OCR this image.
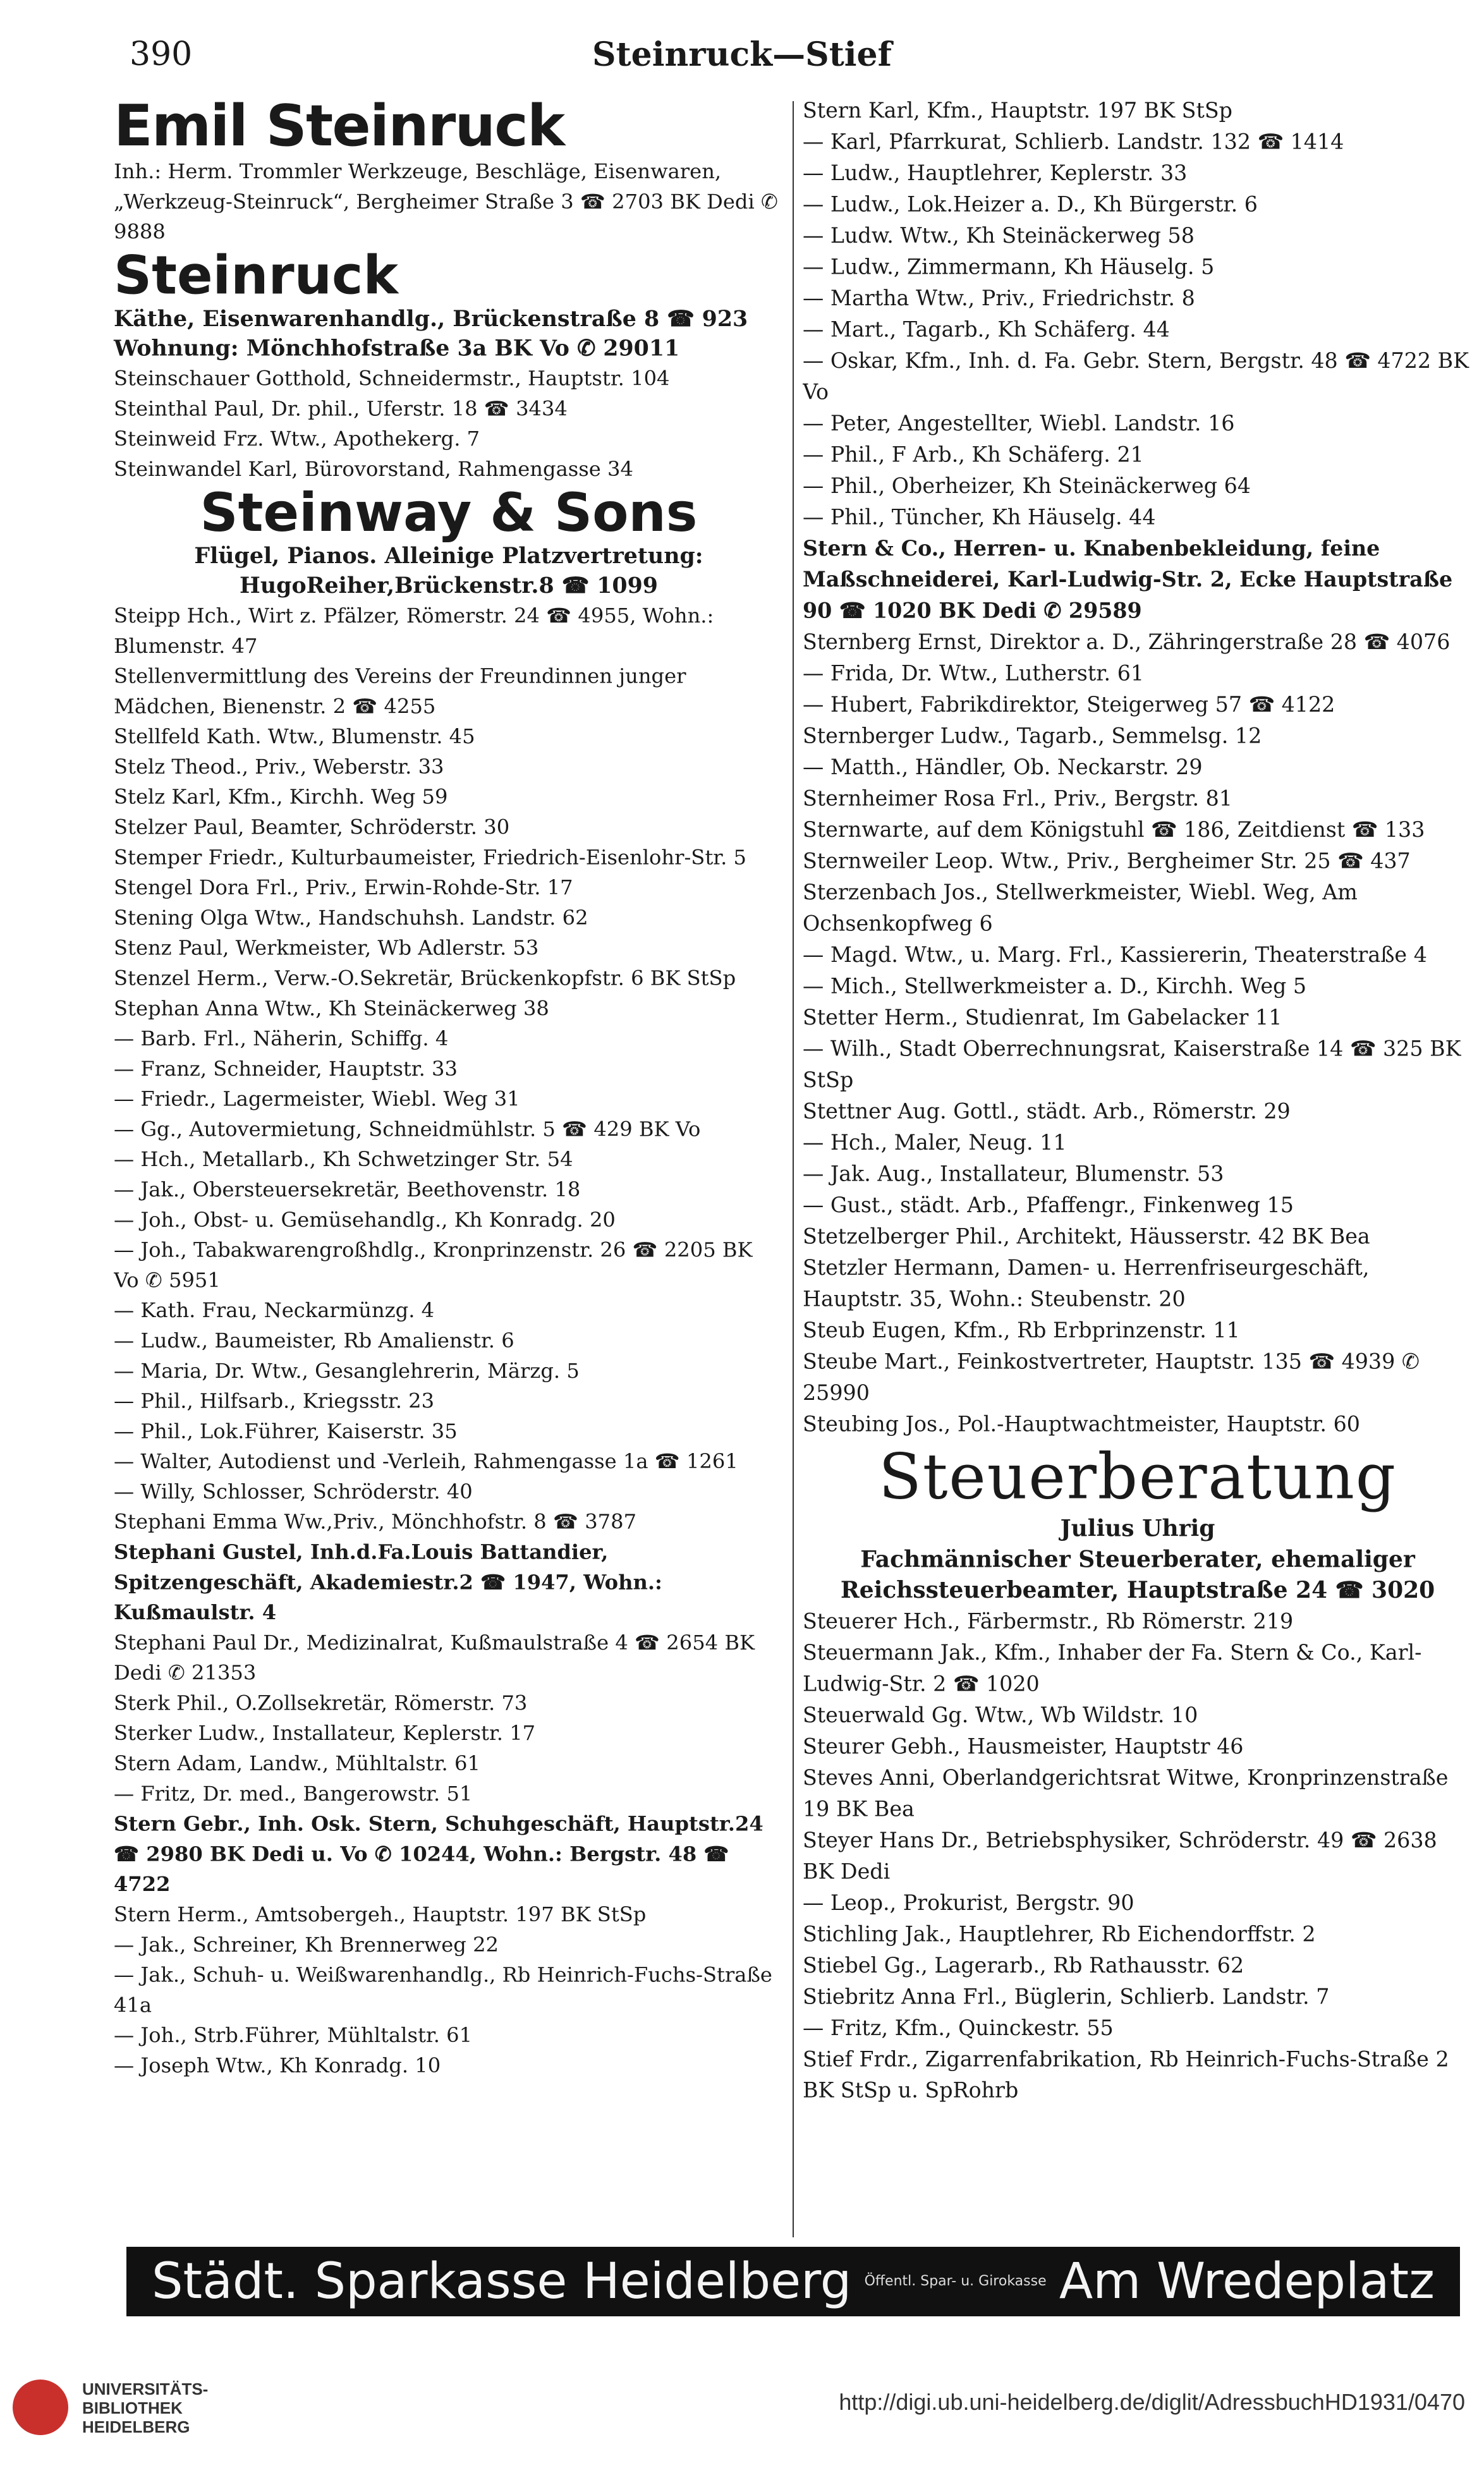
390	Steinruck—Stief
Emil Steinruck
Inh.: Herm. Trommler Werkzeuge, Beschläge, Eisenwaren, „Werkzeug-Steinruck“, Bergheimer Straße 3 ☎ 2703 BK Dedi ✆ 9888
Steinruck
Käthe, Eisenwarenhandlg., Brückenstraße 8 ☎ 923
Wohnung: Mönchhofstraße 3a BK Vo ✆ 29011
Steinschauer Gotthold, Schneidermstr., Hauptstr. 104
Steinthal Paul, Dr. phil., Uferstr. 18 ☎ 3434
Steinweid Frz. Wtw., Apothekerg. 7
Steinwandel Karl, Bürovorstand, Rahmengasse 34
Steinway & Sons
Flügel, Pianos. Alleinige Platzvertretung: HugoReiher,Brückenstr.8 ☎ 1099
Steipp Hch., Wirt z. Pfälzer, Römerstr. 24 ☎ 4955, Wohn.: Blumenstr. 47
Stellenvermittlung des Vereins der Freundinnen junger Mädchen, Bienenstr. 2 ☎ 4255
Stellfeld Kath. Wtw., Blumenstr. 45
Stelz Theod., Priv., Weberstr. 33
Stelz Karl, Kfm., Kirchh. Weg 59
Stelzer Paul, Beamter, Schröderstr. 30
Stemper Friedr., Kulturbaumeister, Friedrich-Eisenlohr-Str. 5
Stengel Dora Frl., Priv., Erwin-Rohde-Str. 17
Stening Olga Wtw., Handschuhsh. Landstr. 62
Stenz Paul, Werkmeister, Wb Adlerstr. 53
Stenzel Herm., Verw.-O.Sekretär, Brückenkopfstr. 6 BK StSp
Stephan Anna Wtw., Kh Steinäckerweg 38
— Barb. Frl., Näherin, Schiffg. 4
— Franz, Schneider, Hauptstr. 33
— Friedr., Lagermeister, Wiebl. Weg 31
— Gg., Autovermietung, Schneidmühlstr. 5 ☎ 429 BK Vo
— Hch., Metallarb., Kh Schwetzinger Str. 54
— Jak., Obersteuersekretär, Beethovenstr. 18
— Joh., Obst- u. Gemüsehandlg., Kh Konradg. 20
— Joh., Tabakwarengroßhdlg., Kronprinzenstr. 26 ☎ 2205 BK Vo ✆ 5951
— Kath. Frau, Neckarmünzg. 4
— Ludw., Baumeister, Rb Amalienstr. 6
— Maria, Dr. Wtw., Gesanglehrerin, Märzg. 5
— Phil., Hilfsarb., Kriegsstr. 23
— Phil., Lok.Führer, Kaiserstr. 35
— Walter, Autodienst und -Verleih, Rahmengasse 1a ☎ 1261
— Willy, Schlosser, Schröderstr. 40
Stephani Emma Ww.,Priv., Mönchhofstr. 8 ☎ 3787
Stephani Gustel, Inh.d.Fa.Louis Battandier, Spitzengeschäft, Akademiestr.2 ☎ 1947, Wohn.: Kußmaulstr. 4
Stephani Paul Dr., Medizinalrat, Kußmaulstraße 4 ☎ 2654 BK Dedi ✆ 21353
Sterk Phil., O.Zollsekretär, Römerstr. 73
Sterker Ludw., Installateur, Keplerstr. 17
Stern Adam, Landw., Mühltalstr. 61
— Fritz, Dr. med., Bangerowstr. 51
Stern Gebr., Inh. Osk. Stern, Schuhgeschäft, Hauptstr.24 ☎ 2980 BK Dedi u. Vo ✆ 10244, Wohn.: Bergstr. 48 ☎ 4722
Stern Herm., Amtsobergeh., Hauptstr. 197 BK StSp
— Jak., Schreiner, Kh Brennerweg 22
— Jak., Schuh- u. Weißwarenhandlg., Rb Heinrich-Fuchs-Straße 41a
— Joh., Strb.Führer, Mühltalstr. 61
— Joseph Wtw., Kh Konradg. 10
Stern Karl, Kfm., Hauptstr. 197 BK StSp
— Karl, Pfarrkurat, Schlierb. Landstr. 132 ☎ 1414
— Ludw., Hauptlehrer, Keplerstr. 33
— Ludw., Lok.Heizer a. D., Kh Bürgerstr. 6
— Ludw. Wtw., Kh Steinäckerweg 58
— Ludw., Zimmermann, Kh Häuselg. 5
— Martha Wtw., Priv., Friedrichstr. 8
— Mart., Tagarb., Kh Schäferg. 44
— Oskar, Kfm., Inh. d. Fa. Gebr. Stern, Bergstr. 48 ☎ 4722 BK Vo
— Peter, Angestellter, Wiebl. Landstr. 16
— Phil., F Arb., Kh Schäferg. 21
— Phil., Oberheizer, Kh Steinäckerweg 64
— Phil., Tüncher, Kh Häuselg. 44
Stern & Co., Herren- u. Knabenbekleidung, feine Maßschneiderei, Karl-Ludwig-Str. 2, Ecke Hauptstraße 90 ☎ 1020 BK Dedi ✆ 29589
Sternberg Ernst, Direktor a. D., Zähringerstraße 28 ☎ 4076
— Frida, Dr. Wtw., Lutherstr. 61
— Hubert, Fabrikdirektor, Steigerweg 57 ☎ 4122
Sternberger Ludw., Tagarb., Semmelsg. 12
— Matth., Händler, Ob. Neckarstr. 29
Sternheimer Rosa Frl., Priv., Bergstr. 81
Sternwarte, auf dem Königstuhl ☎ 186, Zeitdienst ☎ 133
Sternweiler Leop. Wtw., Priv., Bergheimer Str. 25 ☎ 437
Sterzenbach Jos., Stellwerkmeister, Wiebl. Weg, Am Ochsenkopfweg 6
— Magd. Wtw., u. Marg. Frl., Kassiererin, Theaterstraße 4
— Mich., Stellwerkmeister a. D., Kirchh. Weg 5
Stetter Herm., Studienrat, Im Gabelacker 11
— Wilh., Stadt Oberrechnungsrat, Kaiserstraße 14 ☎ 325 BK StSp
Stettner Aug. Gottl., städt. Arb., Römerstr. 29
— Hch., Maler, Neug. 11
— Jak. Aug., Installateur, Blumenstr. 53
— Gust., städt. Arb., Pfaffengr., Finkenweg 15
Stetzelberger Phil., Architekt, Häusserstr. 42 BK Bea
Stetzler Hermann, Damen- u. Herrenfriseurgeschäft, Hauptstr. 35, Wohn.: Steubenstr. 20
Steub Eugen, Kfm., Rb Erbprinzenstr. 11
Steube Mart., Feinkostvertreter, Hauptstr. 135 ☎ 4939 ✆ 25990
Steubing Jos., Pol.-Hauptwachtmeister, Hauptstr. 60
Steuerberatung
Julius Uhrig
Fachmännischer Steuerberater, ehemaliger Reichssteuerbeamter, Hauptstraße 24 ☎ 3020
Steuerer Hch., Färbermstr., Rb Römerstr. 219
Steuermann Jak., Kfm., Inhaber der Fa. Stern & Co., Karl-Ludwig-Str. 2 ☎ 1020
Steuerwald Gg. Wtw., Wb Wildstr. 10
Steurer Gebh., Hausmeister, Hauptstr 46
Steves Anni, Oberlandgerichtsrat Witwe, Kronprinzenstraße 19 BK Bea
Steyer Hans Dr., Betriebsphysiker, Schröderstr. 49 ☎ 2638 BK Dedi
— Leop., Prokurist, Bergstr. 90
Stichling Jak., Hauptlehrer, Rb Eichendorffstr. 2
Stiebel Gg., Lagerarb., Rb Rathausstr. 62
Stiebritz Anna Frl., Büglerin, Schlierb. Landstr. 7
— Fritz, Kfm., Quinckestr. 55
Stief Frdr., Zigarrenfabrikation, Rb Heinrich-Fuchs-Straße 2 BK StSp u. SpRohrb
Städt. Sparkasse Heidelberg Öffentl. Spar- u. Girokasse Am Wredeplatz
UNIVERSITÄTS-
BIBLIOTHEK
HEIDELBERG
http://digi.ub.uni-heidelberg.de/diglit/AdressbuchHD1931/0470
